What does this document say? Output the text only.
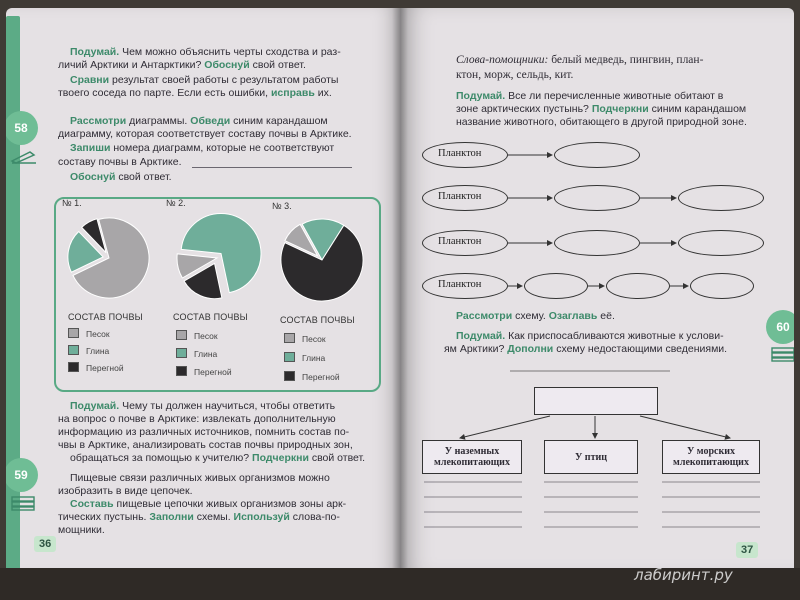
Подумай. Чем можно объяснить черты сходства и раз-
личий Арктики и Антарктики? Обоснуй свой ответ.
Сравни результат своей работы с результатом работы
твоего соседа по парте. Если есть ошибки, исправь их.
58	Рассмотри диаграммы. Обведи синим карандашом
диаграмму, которая соответствует составу почвы в Арктике.
Запиши номера диаграмм, которые не соответствуют
составу почвы в Арктике.
Обоснуй свой ответ.
№ 1.	№ 2.	№ 3.
СОСТАВ ПОЧВЫ	СОСТАВ ПОЧВЫ	СОСТАВ ПОЧВЫ
Песок
Глина
Перегной
Песок
Глина
Перегной
Песок
Глина
Перегной
Подумай. Чему ты должен научиться, чтобы ответить
на вопрос о почве в Арктике: извлекать дополнительную
информацию из различных источников, помнить состав по-
чвы в Арктике, анализировать состав почвы природных зон,
обращаться за помощью к учителю? Подчеркни свой ответ.
59	Пищевые связи различных живых организмов можно
изобразить в виде цепочек.
Составь пищевые цепочки живых организмов зоны арк-
тических пустынь. Заполни схемы. Используй слова-по-
мощники.
36
Слова-помощники: белый медведь, пингвин, план-
ктон, морж, сельдь, кит.
Подумай. Все ли перечисленные животные обитают в
зоне арктических пустынь? Подчеркни синим карандашом
название животного, обитающего в другой природной зоне.
Планктон
Планктон
Планктон
Планктон
Рассмотри схему. Озаглавь её.
Подумай. Как приспосабливаются животные к услови-
ям Арктики? Дополни схему недостающими сведениями.
60
У наземных млекопитающих	У птиц	У морских млекопитающих
37
лабиринт.ру
